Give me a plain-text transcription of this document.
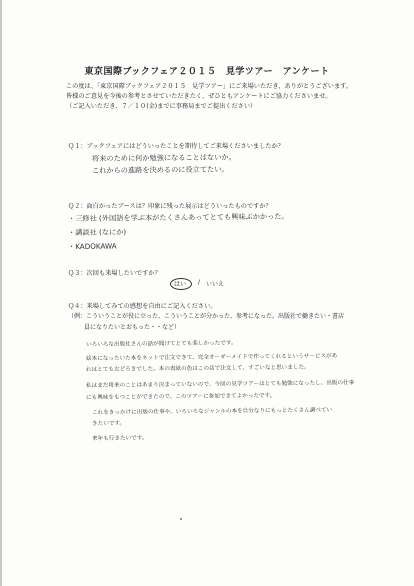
東京国際ブックフェア２０１５　見学ツアー　アンケート
この度は、「東京国際ブックフェア２０１５　見学ツアー」にご来場いただき、ありがとうございます。
皆様のご意見を今後の参考とさせていただきたく、ぜひともアンケートにご協力くださいませ。
（ご記入いただき、７／１０(金)までに事務局までご提出ください）
Ｑ１：ブックフェアにはどういったことを期待してご来場くださいましたか？
将来のために何か勉強になることはないか。
これからの進路を決めるのに役立てたい。
Ｑ２：面白かったブースは？印象に残った展示はどういったものですか？
・三修社 (外国語を学ぶ本がたくさんあってとても興味ぶかかった。
・講談社 (なにか)
・KADOKAWA
Ｑ３：次回も来場したいですか？
はい / いいえ
Ｑ４：来場してみての感想を自由にご記入ください。
（例：こういうことが役に立った、こういうことが分かった、参考になった。出版社で働きたい・書店
員になりたいとおもった・・など）
いろいろな出版社さんの話が聞けてとても楽しかったです。
絵本になったいた本をネットで注文できて、完全オーダーメイドで作ってくれるというサービスがあ
れはとてもおどろきでした。本の表紙の色はこの店で注文して、すごいなと思いました。
私はまだ将来のことはあまり決まっていないので、今回の見学ツアーはとても勉強になったし、出版の仕事
にも興味をもつことができたので、このツアーに参加できてよかったです。
これをきっかけに出版の仕事や、いろいろなジャンルの本を自分なりにもっとたくさん調べてい
きたいです。
来年も行きたいです。
